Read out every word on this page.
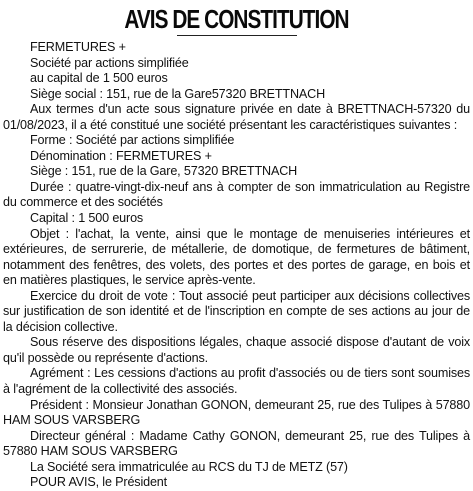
AVIS DE CONSTITUTION

FERMETURES +

Société par actions simplifiée

au capital de 1 500 euros

Siège social : 151, rue de la Gare57320 BRETTNACH

Aux termes d'un acte sous signature privée en date à BRETTNACH-57320 du 01/08/2023, il a été constitué une société présentant les caractéristiques suivantes :

Forme : Société par actions simplifiée

Dénomination : FERMETURES +

Siège : 151, rue de la Gare, 57320 BRETTNACH

Durée : quatre-vingt-dix-neuf ans à compter de son immatriculation au Registre du commerce et des sociétés

Capital : 1 500 euros

Objet : l'achat, la vente, ainsi que le montage de menuiseries intérieures et extérieures, de serrurerie, de métallerie, de domotique, de fermetures de bâtiment, notamment des fenêtres, des volets, des portes et des portes de garage, en bois et en matières plastiques, le service après-vente.

Exercice du droit de vote : Tout associé peut participer aux décisions collectives sur justification de son identité et de l'inscription en compte de ses actions au jour de la décision collective.

Sous réserve des dispositions légales, chaque associé dispose d'autant de voix qu'il possède ou représente d'actions.

Agrément : Les cessions d'actions au profit d'associés ou de tiers sont soumises à l'agrément de la collectivité des associés.

Président : Monsieur Jonathan GONON, demeurant 25, rue des Tulipes à 57880 HAM SOUS VARSBERG

Directeur général : Madame Cathy GONON, demeurant 25, rue des Tulipes à 57880 HAM SOUS VARSBERG

La Société sera immatriculée au RCS du TJ de METZ (57)

POUR AVIS, le Président
